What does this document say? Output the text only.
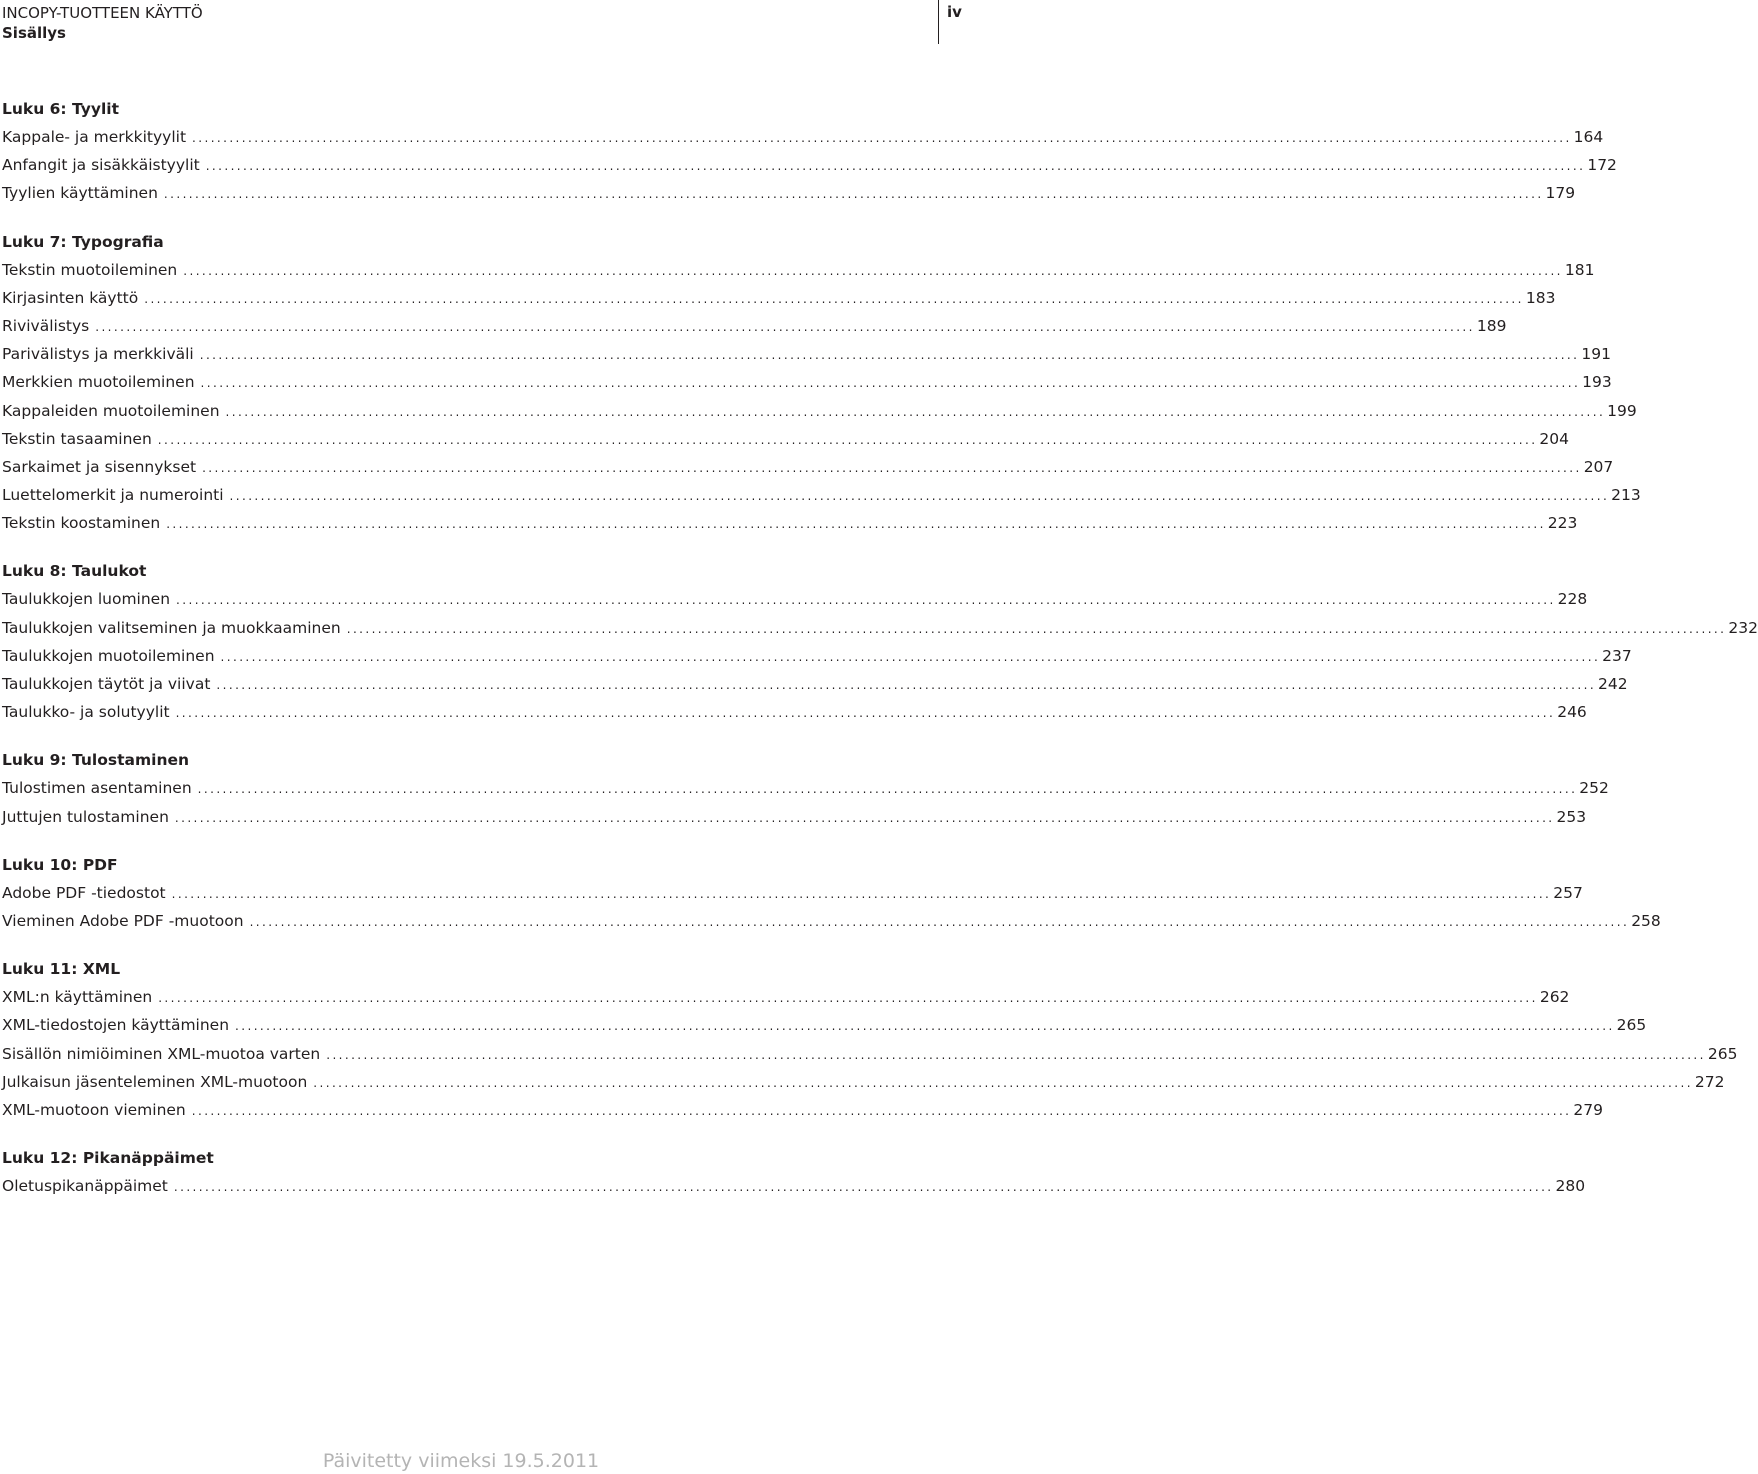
INCOPY-TUOTTEEN KÄYTTÖ
Sisällys
iv
Luku 6: Tyylit
Kappale- ja merkkityylit .....	164
Anfangit ja sisäkkäistyylit .....	172
Tyylien käyttäminen .....	179
Luku 7: Typografia
Tekstin muotoileminen .....	181
Kirjasinten käyttö .....	183
Rivivälistys .....	189
Parivälistys ja merkkiväli .....	191
Merkkien muotoileminen .....	193
Kappaleiden muotoileminen .....	199
Tekstin tasaaminen .....	204
Sarkaimet ja sisennykset .....	207
Luettelomerkit ja numerointi .....	213
Tekstin koostaminen .....	223
Luku 8: Taulukot
Taulukkojen luominen .....	228
Taulukkojen valitseminen ja muokkaaminen .....	232
Taulukkojen muotoileminen .....	237
Taulukkojen täytöt ja viivat .....	242
Taulukko- ja solutyylit .....	246
Luku 9: Tulostaminen
Tulostimen asentaminen .....	252
Juttujen tulostaminen .....	253
Luku 10: PDF
Adobe PDF -tiedostot .....	257
Vieminen Adobe PDF -muotoon .....	258
Luku 11: XML
XML:n käyttäminen .....	262
XML-tiedostojen käyttäminen .....	265
Sisällön nimiöiminen XML-muotoa varten .....	265
Julkaisun jäsenteleminen XML-muotoon .....	272
XML-muotoon vieminen .....	279
Luku 12: Pikanäppäimet
Oletuspikanäppäimet .....	280
Päivitetty viimeksi 19.5.2011
